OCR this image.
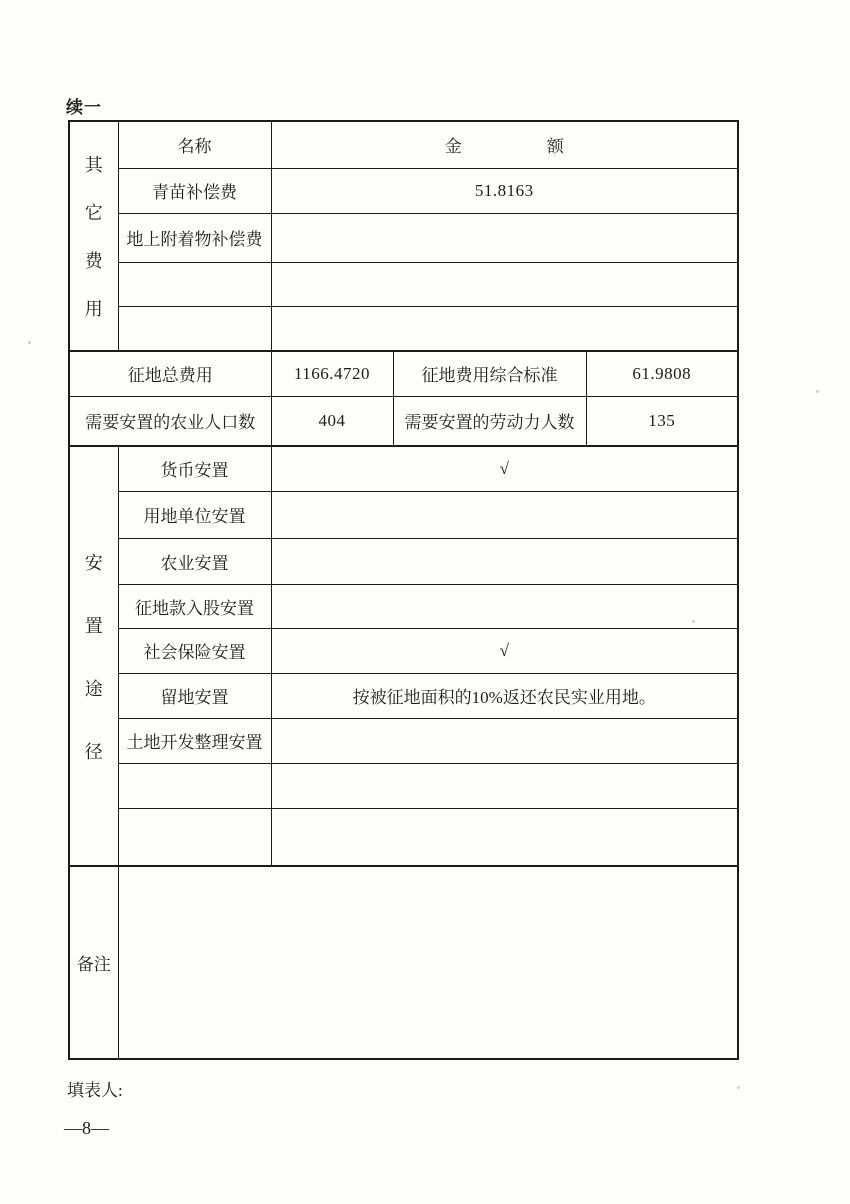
续一
其
它
费
用	名称	金　　　　　额		
	青苗补偿费	51.8163		
	地上附着物补偿费			

征地总费用		1166.4720	征地费用综合标准	61.9808
需要安置的农业人口数		404	需要安置的劳动力人数	135

安
置
途
径	货币安置	√		
	用地单位安置			
	农业安置			
	征地款入股安置			
	社会保险安置	√		
	留地安置	按被征地面积的10%返还农民实业用地。		
	土地开发整理安置			

备注				
填表人:
—8—
